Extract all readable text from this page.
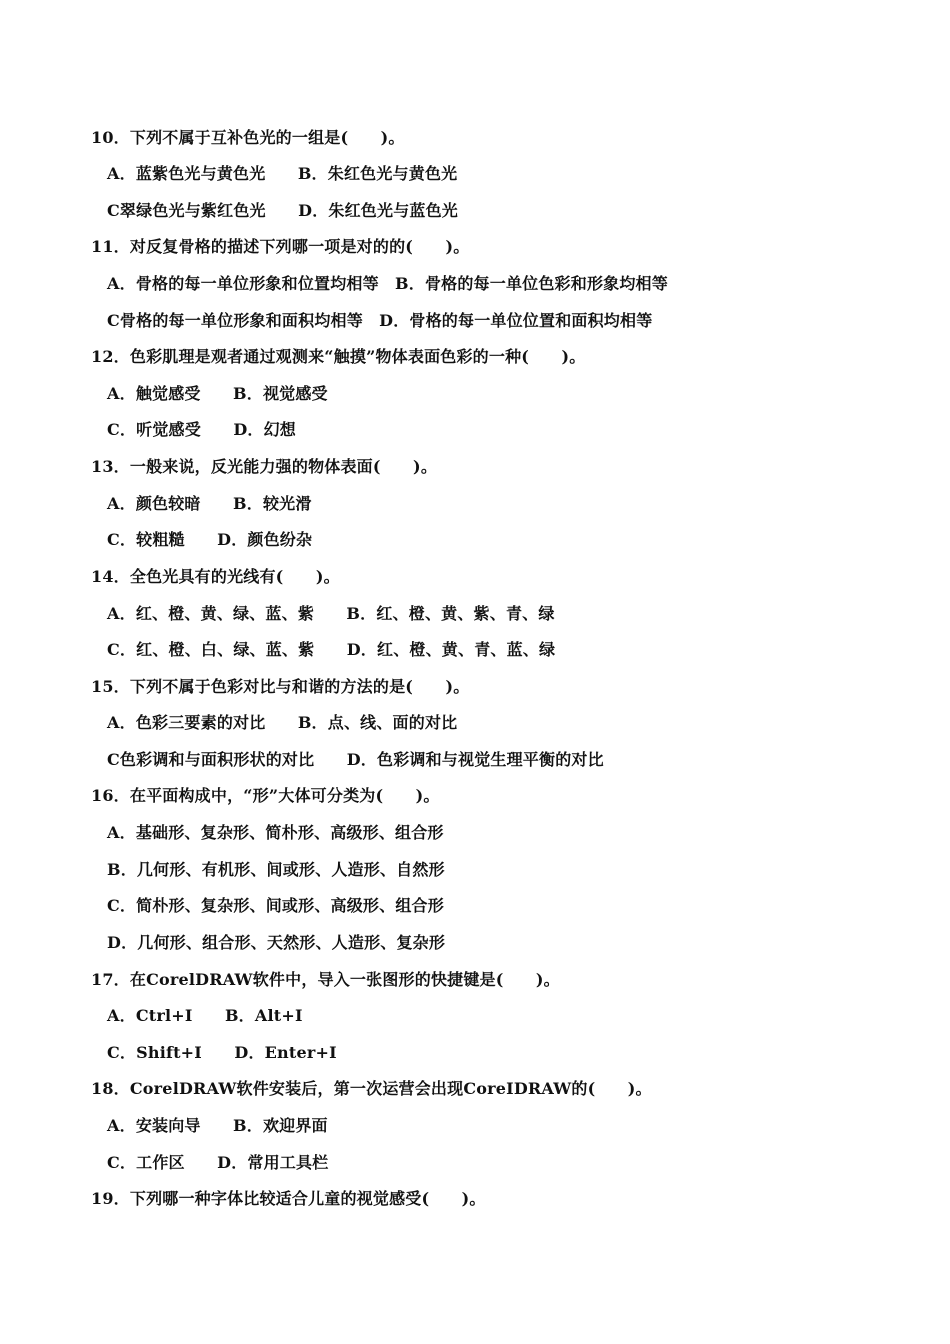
10．下列不属于互补色光的一组是(　　)。
A．蓝紫色光与黄色光　　B．朱红色光与黄色光
C翠绿色光与紫红色光　　D．朱红色光与蓝色光
11．对反复骨格的描述下列哪一项是对的的(　　)。
A．骨格的每一单位形象和位置均相等　B．骨格的每一单位色彩和形象均相等
C骨格的每一单位形象和面积均相等　D．骨格的每一单位位置和面积均相等
12．色彩肌理是观者通过观测来“触摸”物体表面色彩的一种(　　)。
A．触觉感受　　B．视觉感受
C．听觉感受　　D．幻想
13．一般来说，反光能力强的物体表面(　　)。
A．颜色较暗　　B．较光滑
C．较粗糙　　D．颜色纷杂
14．全色光具有的光线有(　　)。
A．红、橙、黄、绿、蓝、紫　　B．红、橙、黄、紫、青、绿
C．红、橙、白、绿、蓝、紫　　D．红、橙、黄、青、蓝、绿
15．下列不属于色彩对比与和谐的方法的是(　　)。
A．色彩三要素的对比　　B．点、线、面的对比
C色彩调和与面积形状的对比　　D．色彩调和与视觉生理平衡的对比
16．在平面构成中，“形”大体可分类为(　　)。
A．基础形、复杂形、简朴形、高级形、组合形
B．几何形、有机形、间或形、人造形、自然形
C．简朴形、复杂形、间或形、高级形、组合形
D．几何形、组合形、天然形、人造形、复杂形
17．在CorelDRAW软件中，导入一张图形的快捷键是(　　)。
A．Ctrl+I　　B．Alt+I
C．Shift+I　　D．Enter+I
18．CorelDRAW软件安装后，第一次运营会出现CoreIDRAW的(　　)。
A．安装向导　　B．欢迎界面
C．工作区　　D．常用工具栏
19．下列哪一种字体比较适合儿童的视觉感受(　　)。
